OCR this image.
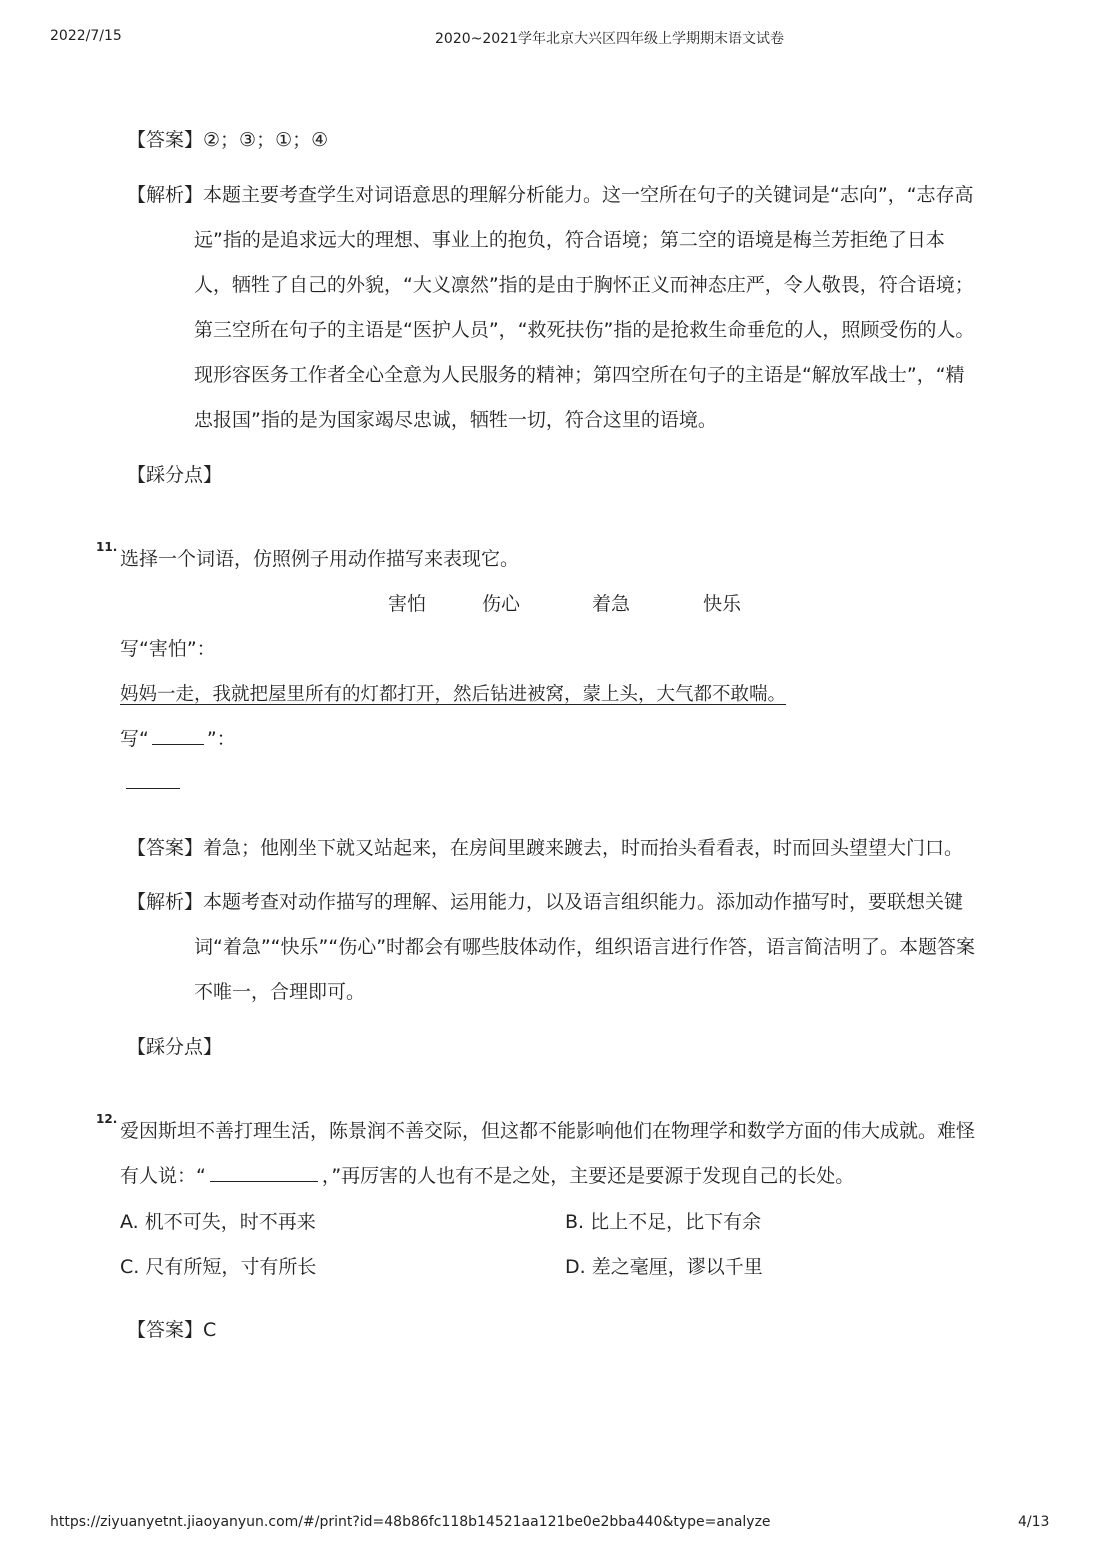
2022/7/15	2020~2021学年北京大兴区四年级上学期期末语文试卷
【答案】②；③；①；④
【解析】本题主要考查学生对词语意思的理解分析能力。这一空所在句子的关键词是“志向”，“志存高
远”指的是追求远大的理想、事业上的抱负，符合语境；第二空的语境是梅兰芳拒绝了日本
人，牺牲了自己的外貌，“大义凛然”指的是由于胸怀正义而神态庄严，令人敬畏，符合语境；
第三空所在句子的主语是“医护人员”，“救死扶伤”指的是抢救生命垂危的人，照顾受伤的人。
现形容医务工作者全心全意为人民服务的精神；第四空所在句子的主语是“解放军战士”，“精
忠报国”指的是为国家竭尽忠诚，牺牲一切，符合这里的语境。
【踩分点】
11.
选择一个词语，仿照例子用动作描写来表现它。
害怕	伤心	着急	快乐
写“害怕”：
妈妈一走，我就把屋里所有的灯都打开，然后钻进被窝，蒙上头，大气都不敢喘。
写“	”：
【答案】着急；他刚坐下就又站起来，在房间里踱来踱去，时而抬头看看表，时而回头望望大门口。
【解析】本题考查对动作描写的理解、运用能力，以及语言组织能力。添加动作描写时，要联想关键
词“着急”“快乐”“伤心”时都会有哪些肢体动作，组织语言进行作答，语言简洁明了。本题答案
不唯一，合理即可。
【踩分点】
12.
爱因斯坦不善打理生活，陈景润不善交际，但这都不能影响他们在物理学和数学方面的伟大成就。难怪
有人说：“	，”再厉害的人也有不是之处，主要还是要源于发现自己的长处。
A. 机不可失，时不再来	B. 比上不足，比下有余
C. 尺有所短，寸有所长	D. 差之毫厘，谬以千里
【答案】C
https://ziyuanyetnt.jiaoyanyun.com/#/print?id=48b86fc118b14521aa121be0e2bba440&type=analyze	4/13
